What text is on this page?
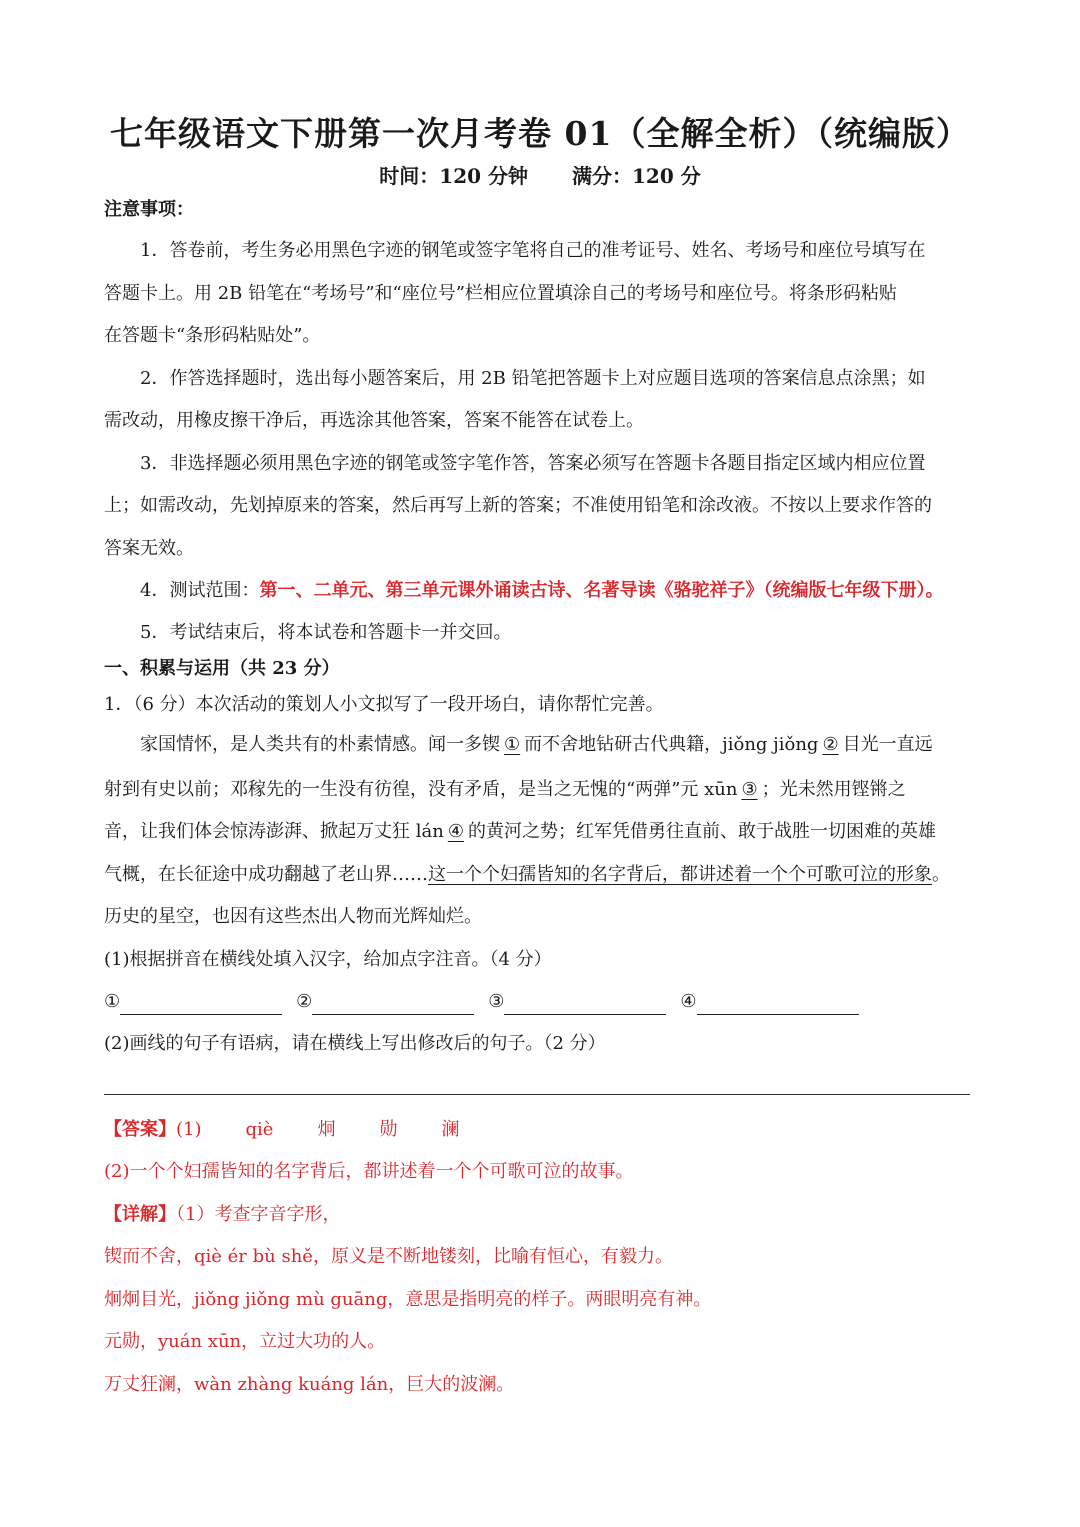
七年级语文下册第一次月考卷 01（全解全析）（统编版）
时间：120 分钟 满分：120 分
注意事项：
1．答卷前，考生务必用黑色字迹的钢笔或签字笔将自己的准考证号、姓名、考场号和座位号填写在
答题卡上。用 2B 铅笔在“考场号”和“座位号”栏相应位置填涂自己的考场号和座位号。将条形码粘贴
在答题卡“条形码粘贴处”。
2．作答选择题时，选出每小题答案后，用 2B 铅笔把答题卡上对应题目选项的答案信息点涂黑；如
需改动，用橡皮擦干净后，再选涂其他答案，答案不能答在试卷上。
3．非选择题必须用黑色字迹的钢笔或签字笔作答，答案必须写在答题卡各题目指定区域内相应位置
上；如需改动，先划掉原来的答案，然后再写上新的答案；不准使用铅笔和涂改液。不按以上要求作答的
答案无效。
4．测试范围：第一、二单元、第三单元课外诵读古诗、名著导读《骆驼祥子》（统编版七年级下册）。
5．考试结束后，将本试卷和答题卡一并交回。
一、积累与运用（共 23 分）
1．（6 分）本次活动的策划人小文拟写了一段开场白，请你帮忙完善。
家国情怀，是人类共有的朴素情感。闻一多锲 ① 而不舍地钻研古代典籍，jiǒng jiǒng ② 目光一直远
射到有史以前；邓稼先的一生没有彷徨，没有矛盾，是当之无愧的“两弹”元 xūn ③ ；光未然用铿锵之
音，让我们体会惊涛澎湃、掀起万丈狂 lán ④ 的黄河之势；红军凭借勇往直前、敢于战胜一切困难的英雄
气概，在长征途中成功翻越了老山界……这一个个妇孺皆知的名字背后，都讲述着一个个可歌可泣的形象。
历史的星空，也因有这些杰出人物而光辉灿烂。
(1)根据拼音在横线处填入汉字，给加点字注音。（4 分）
①	②	③	④
(2)画线的句子有语病，请在横线上写出修改后的句子。（2 分）
【答案】(1) qiè 炯 勋 澜
(2)一个个妇孺皆知的名字背后，都讲述着一个个可歌可泣的故事。
【详解】（1）考查字音字形，
锲而不舍，qiè ér bù shě，原义是不断地镂刻，比喻有恒心，有毅力。
炯炯目光，jiǒng jiǒng mù guāng，意思是指明亮的样子。两眼明亮有神。
元勋，yuán xūn，立过大功的人。
万丈狂澜，wàn zhàng kuáng lán，巨大的波澜。
